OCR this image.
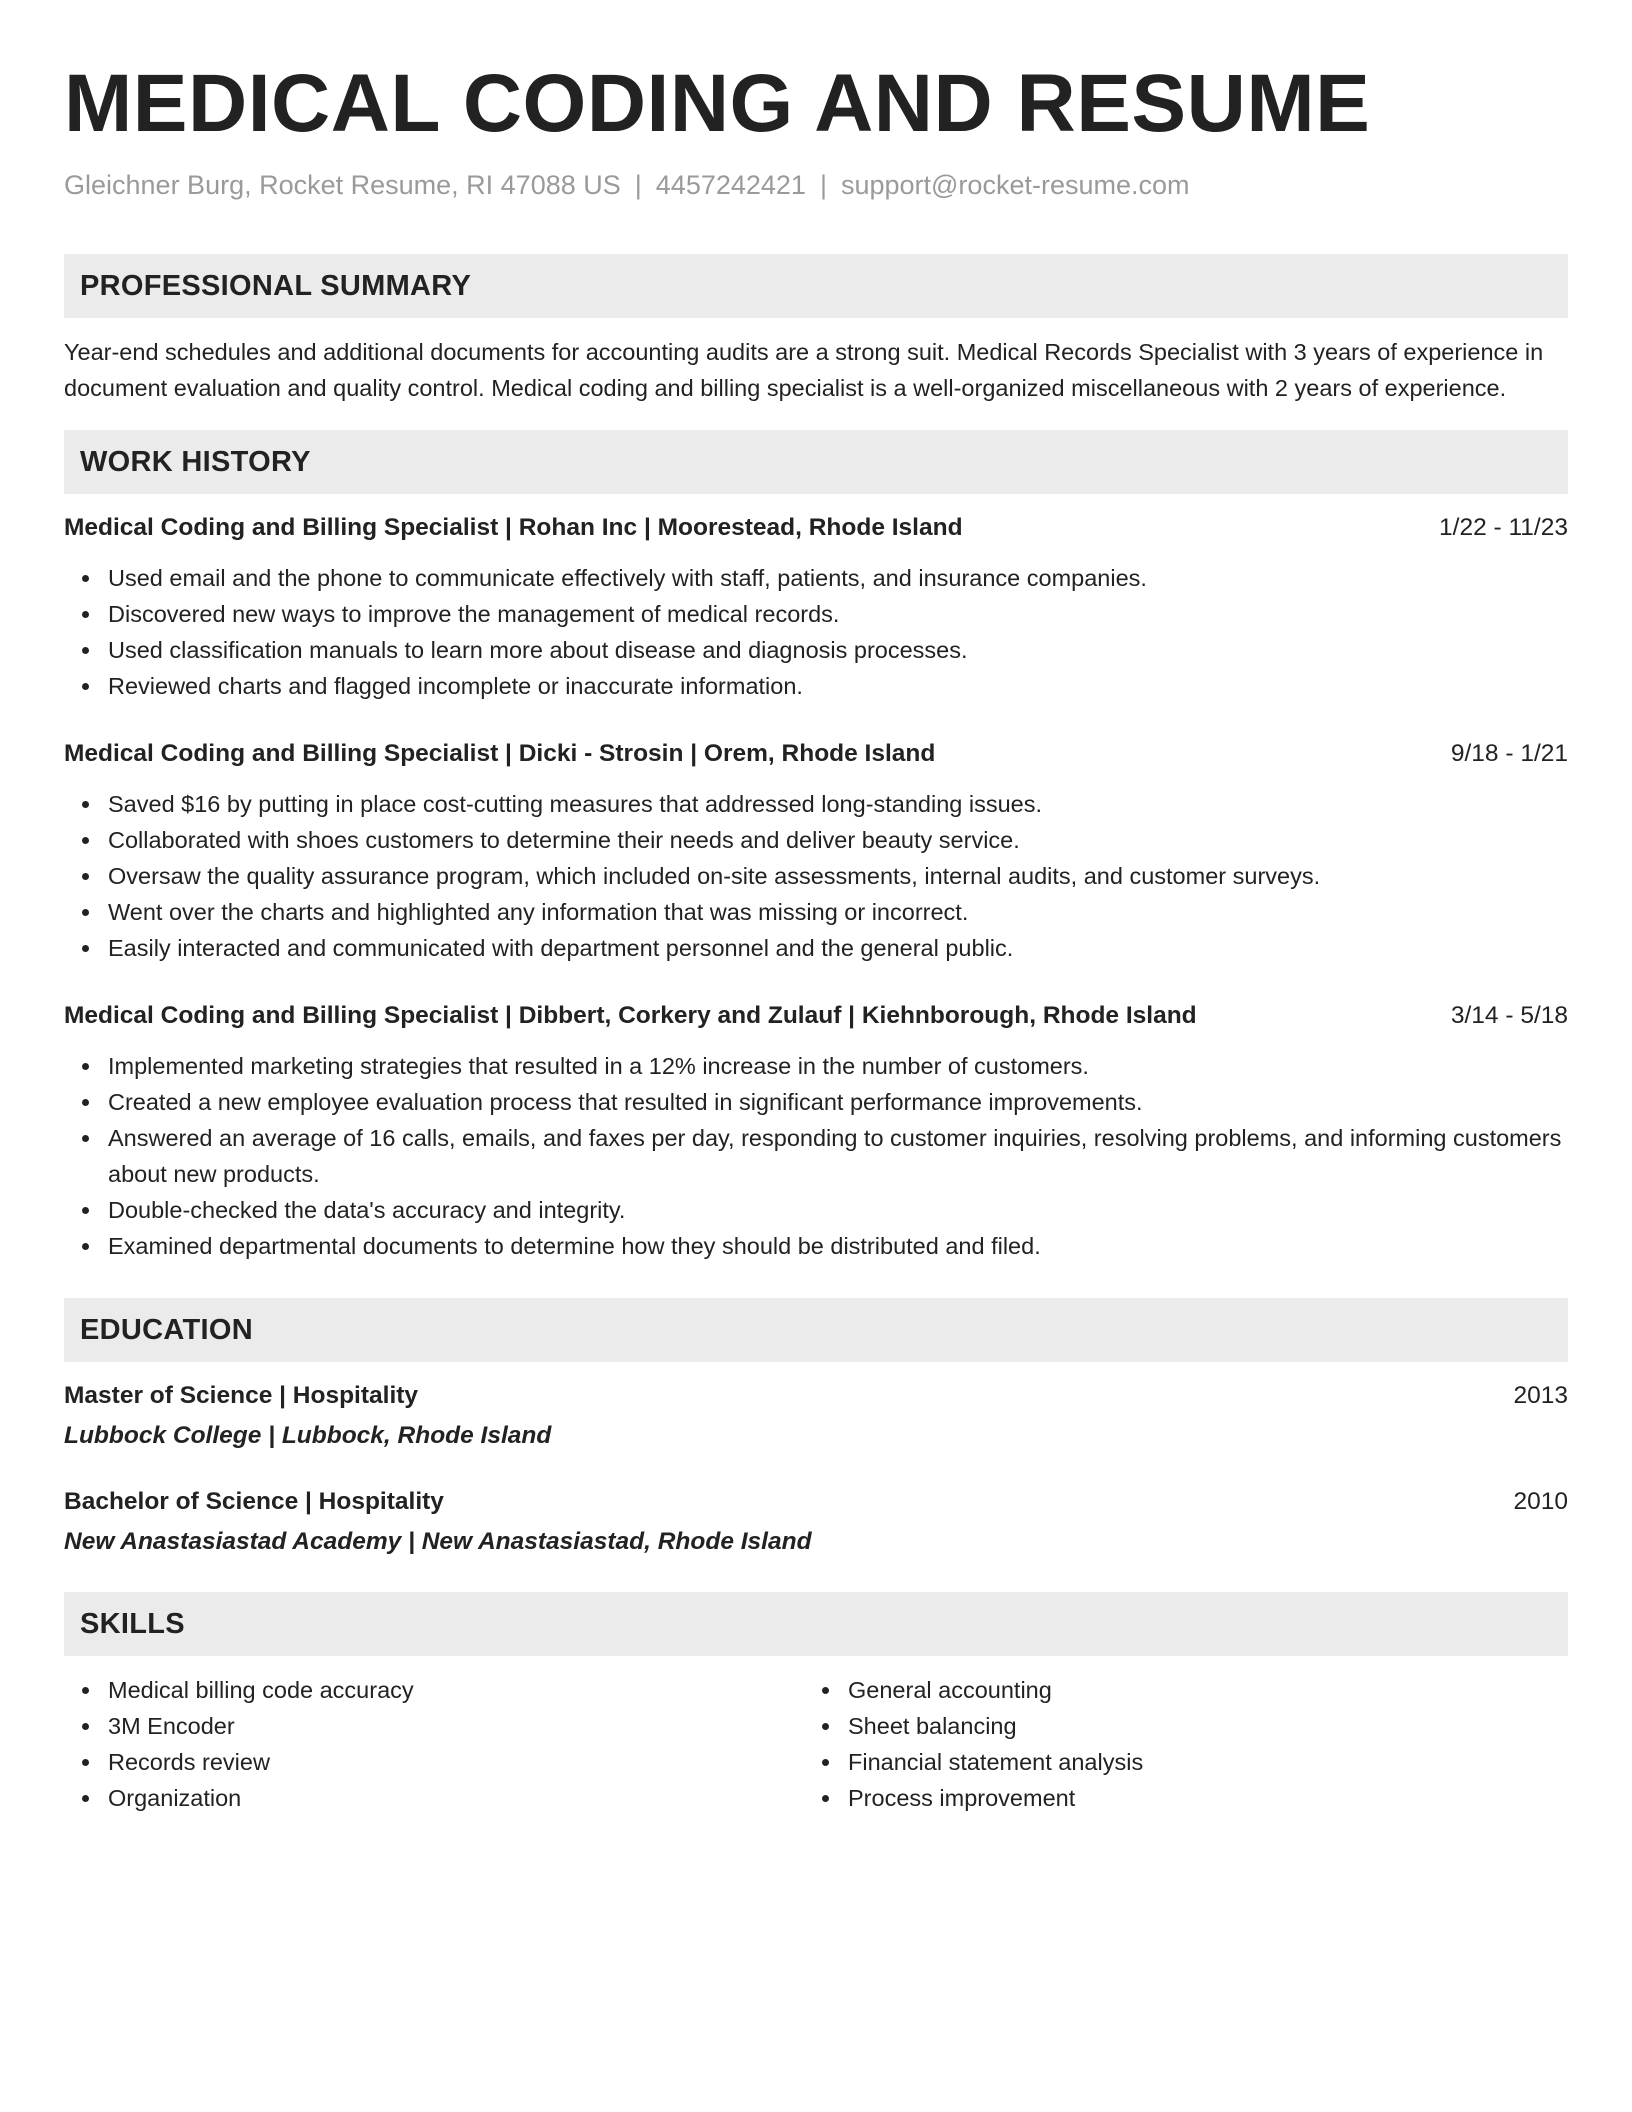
MEDICAL CODING AND RESUME
Gleichner Burg, Rocket Resume, RI 47088 US | 4457242421 | support@rocket-resume.com
PROFESSIONAL SUMMARY

Year-end schedules and additional documents for accounting audits are a strong suit. Medical Records Specialist with 3 years of experience in document evaluation and quality control. Medical coding and billing specialist is a well-organized miscellaneous with 2 years of experience.

WORK HISTORY
Medical Coding and Billing Specialist | Rohan Inc | Moorestead, Rhode Island	1/22 - 11/23
Used email and the phone to communicate effectively with staff, patients, and insurance companies.
Discovered new ways to improve the management of medical records.
Used classification manuals to learn more about disease and diagnosis processes.
Reviewed charts and flagged incomplete or inaccurate information.
Medical Coding and Billing Specialist | Dicki - Strosin | Orem, Rhode Island	9/18 - 1/21
Saved $16 by putting in place cost-cutting measures that addressed long-standing issues.
Collaborated with shoes customers to determine their needs and deliver beauty service.
Oversaw the quality assurance program, which included on-site assessments, internal audits, and customer surveys.
Went over the charts and highlighted any information that was missing or incorrect.
Easily interacted and communicated with department personnel and the general public.
Medical Coding and Billing Specialist | Dibbert, Corkery and Zulauf | Kiehnborough, Rhode Island	3/14 - 5/18
Implemented marketing strategies that resulted in a 12% increase in the number of customers.
Created a new employee evaluation process that resulted in significant performance improvements.
Answered an average of 16 calls, emails, and faxes per day, responding to customer inquiries, resolving problems, and informing customers about new products.
Double-checked the data's accuracy and integrity.
Examined departmental documents to determine how they should be distributed and filed.
EDUCATION
Master of Science | Hospitality	2013
Lubbock College | Lubbock, Rhode Island
Bachelor of Science | Hospitality	2010
New Anastasiastad Academy | New Anastasiastad, Rhode Island
SKILLS
Medical billing code accuracy
3M Encoder
Records review
Organization
General accounting
Sheet balancing
Financial statement analysis
Process improvement
